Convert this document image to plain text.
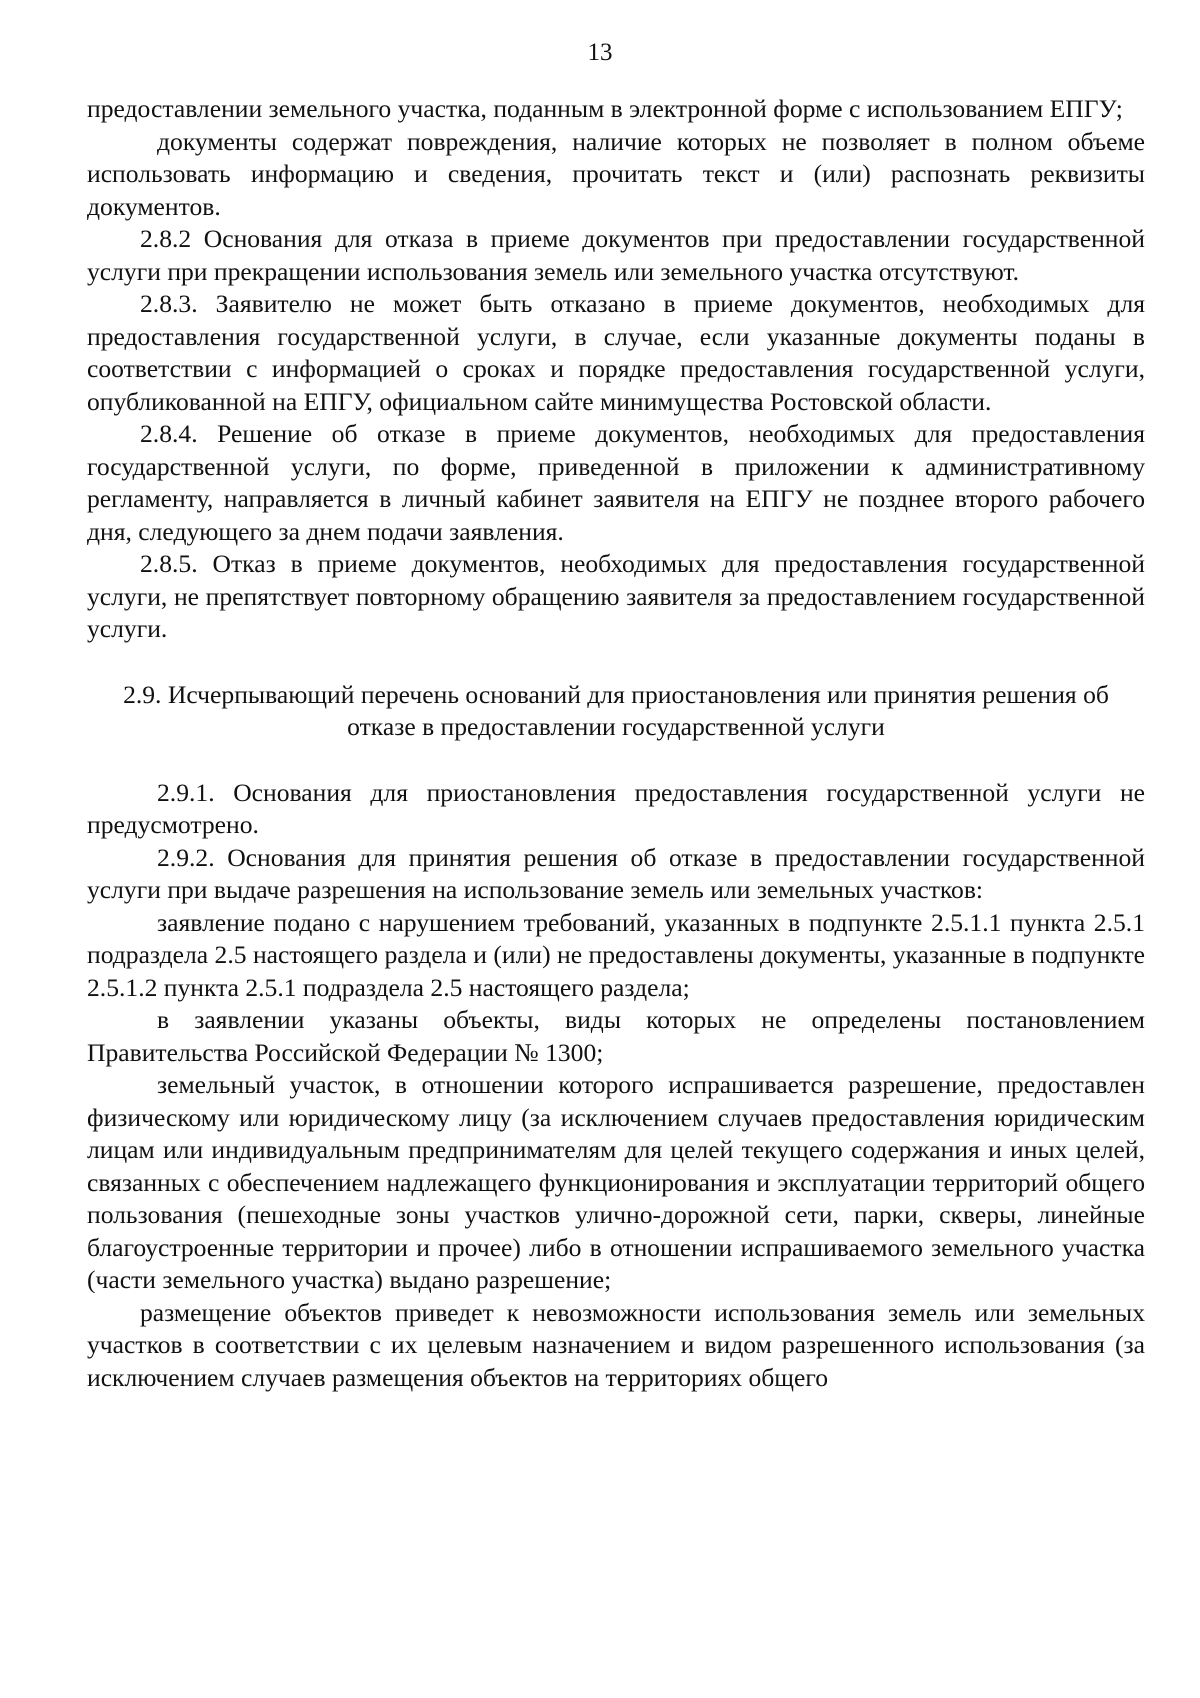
13

предоставлении земельного участка, поданным в электронной форме с использованием ЕПГУ;

документы содержат повреждения, наличие которых не позволяет в полном объеме использовать информацию и сведения, прочитать текст и (или) распознать реквизиты документов.

2.8.2 Основания для отказа в приеме документов при предоставлении государственной услуги при прекращении использования земель или земельного участка отсутствуют.

2.8.3. Заявителю не может быть отказано в приеме документов, необходимых для предоставления государственной услуги, в случае, если указанные документы поданы в соответствии с информацией о сроках и порядке предоставления государственной услуги, опубликованной на ЕПГУ, официальном сайте минимущества Ростовской области.

2.8.4. Решение об отказе в приеме документов, необходимых для предоставления государственной услуги, по форме, приведенной в приложении к административному регламенту, направляется в личный кабинет заявителя на ЕПГУ не позднее второго рабочего дня, следующего за днем подачи заявления.

2.8.5. Отказ в приеме документов, необходимых для предоставления государственной услуги, не препятствует повторному обращению заявителя за предоставлением государственной услуги.

2.9. Исчерпывающий перечень оснований для приостановления или принятия решения об отказе в предоставлении государственной услуги

2.9.1. Основания для приостановления предоставления государственной услуги не предусмотрено.

2.9.2. Основания для принятия решения об отказе в предоставлении государственной услуги при выдаче разрешения на использование земель или земельных участков:

заявление подано с нарушением требований, указанных в подпункте 2.5.1.1 пункта 2.5.1 подраздела 2.5 настоящего раздела и (или) не предоставлены документы, указанные в подпункте 2.5.1.2 пункта 2.5.1 подраздела 2.5 настоящего раздела;

в заявлении указаны объекты, виды которых не определены постановлением Правительства Российской Федерации № 1300;

земельный участок, в отношении которого испрашивается разрешение, предоставлен физическому или юридическому лицу (за исключением случаев предоставления юридическим лицам или индивидуальным предпринимателям для целей текущего содержания и иных целей, связанных с обеспечением надлежащего функционирования и эксплуатации территорий общего пользования (пешеходные зоны участков улично-дорожной сети, парки, скверы, линейные благоустроенные территории и прочее) либо в отношении испрашиваемого земельного участка (части земельного участка) выдано разрешение;

размещение объектов приведет к невозможности использования земель или земельных участков в соответствии с их целевым назначением и видом разрешенного использования (за исключением случаев размещения объектов на территориях общего
